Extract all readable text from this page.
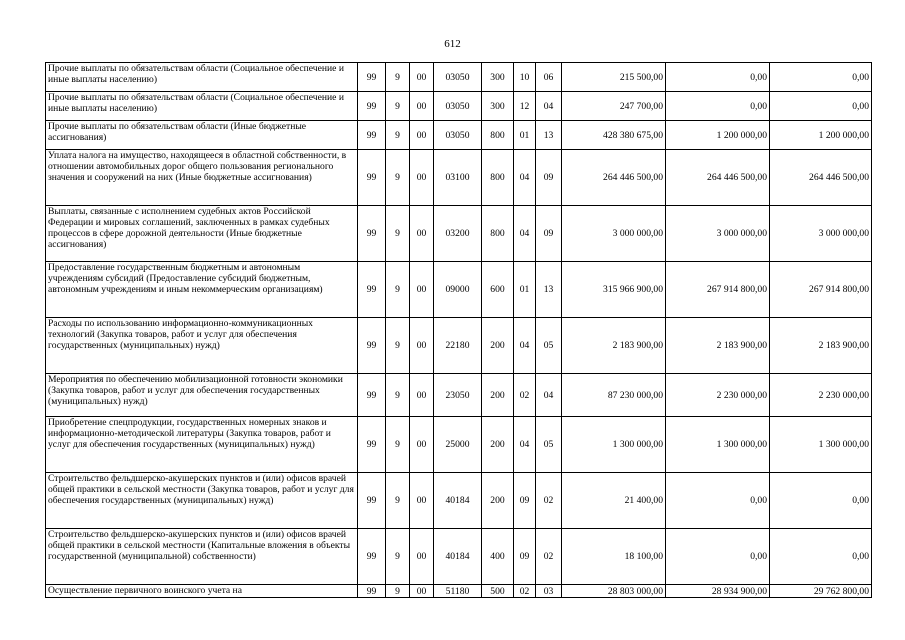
612
Прочие выплаты по обязательствам области (Социальное обеспечение и иные выплаты населению)	99	9	00	03050	300	10	06	215 500,00	0,00	0,00
Прочие выплаты по обязательствам области (Социальное обеспечение и иные выплаты населению)	99	9	00	03050	300	12	04	247 700,00	0,00	0,00
Прочие выплаты по обязательствам области (Иные бюджетные ассигнования)	99	9	00	03050	800	01	13	428 380 675,00	1 200 000,00	1 200 000,00
Уплата налога на имущество, находящееся в областной собственности, в отношении автомобильных дорог общего пользования регионального значения и сооружений на них (Иные бюджетные ассигнования)	99	9	00	03100	800	04	09	264 446 500,00	264 446 500,00	264 446 500,00
Выплаты, связанные с исполнением судебных актов Российской Федерации и мировых соглашений, заключенных в рамках судебных процессов в сфере дорожной деятельности (Иные бюджетные ассигнования)	99	9	00	03200	800	04	09	3 000 000,00	3 000 000,00	3 000 000,00
Предоставление государственным бюджетным и автономным учреждениям субсидий (Предоставление субсидий бюджетным, автономным учреждениям и иным некоммерческим организациям)	99	9	00	09000	600	01	13	315 966 900,00	267 914 800,00	267 914 800,00
Расходы по использованию информационно-коммуникационных технологий (Закупка товаров, работ и услуг для обеспечения государственных (муниципальных) нужд)	99	9	00	22180	200	04	05	2 183 900,00	2 183 900,00	2 183 900,00
Мероприятия по обеспечению мобилизационной готовности экономики (Закупка товаров, работ и услуг для обеспечения государственных (муниципальных) нужд)	99	9	00	23050	200	02	04	87 230 000,00	2 230 000,00	2 230 000,00
Приобретение спецпродукции, государственных номерных знаков и информационно-методической литературы (Закупка товаров, работ и услуг для обеспечения государственных (муниципальных) нужд)	99	9	00	25000	200	04	05	1 300 000,00	1 300 000,00	1 300 000,00
Строительство фельдшерско-акушерских пунктов и (или) офисов врачей общей практики в сельской местности (Закупка товаров, работ и услуг для обеспечения государственных (муниципальных) нужд)	99	9	00	40184	200	09	02	21 400,00	0,00	0,00
Строительство фельдшерско-акушерских пунктов и (или) офисов врачей общей практики в сельской местности (Капитальные вложения в объекты государственной (муниципальной) собственности)	99	9	00	40184	400	09	02	18 100,00	0,00	0,00
Осуществление первичного воинского учета на	99	9	00	51180	500	02	03	28 803 000,00	28 934 900,00	29 762 800,00
